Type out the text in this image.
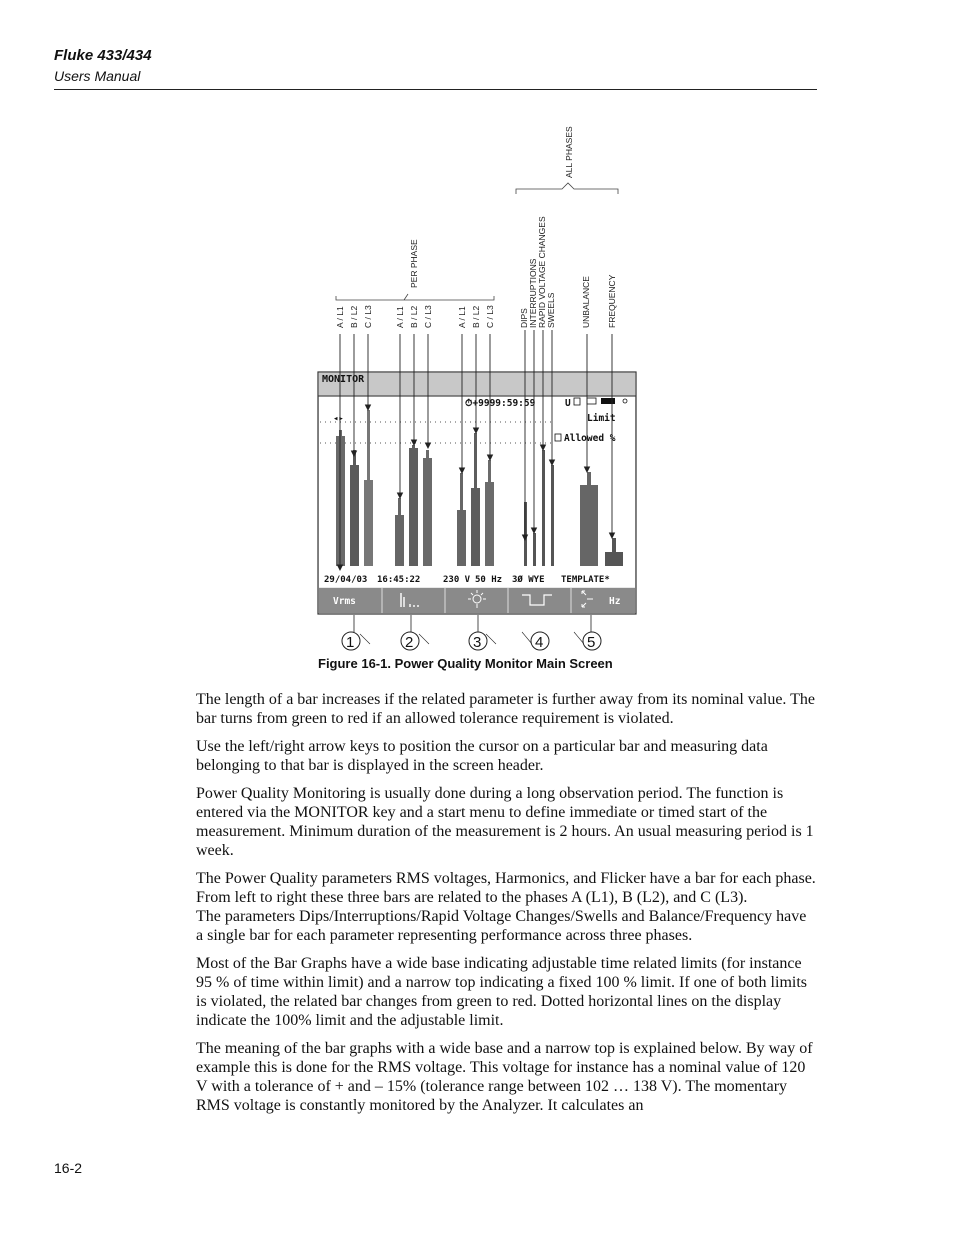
Fluke 433/434
Users Manual
A / L1 B / L2 C / L3	A / L1 B / L2 C / L3	A / L1 B / L2 C / L3
PER PHASE
DIPS INTERRUPTIONS RAPID VOLTAGE CHANGES SWEELS	UNBALANCE FREQUENCY
ALL PHASES
MONITOR
⏱+9999:59:59	U
Limit
Allowed %
◂▸
29/04/03 16:45:22	230 V 50 Hz 3Ø WYE TEMPLATE*
Vrms	Hz
1	2	3	4	5
Figure 16-1. Power Quality Monitor Main Screen

The length of a bar increases if the related parameter is further away from its nominal value. The bar turns from green to red if an allowed tolerance requirement is violated.

Use the left/right arrow keys to position the cursor on a particular bar and measuring data belonging to that bar is displayed in the screen header.

Power Quality Monitoring is usually done during a long observation period. The function is entered via the MONITOR key and a start menu to define immediate or timed start of the measurement. Minimum duration of the measurement is 2 hours. An usual measuring period is 1 week.

The Power Quality parameters RMS voltages, Harmonics, and Flicker have a bar for each phase. From left to right these three bars are related to the phases A (L1), B (L2), and C (L3).

The parameters Dips/Interruptions/Rapid Voltage Changes/Swells and Balance/Frequency have a single bar for each parameter representing performance across three phases.

Most of the Bar Graphs have a wide base indicating adjustable time related limits (for instance 95 % of time within limit) and a narrow top indicating a fixed 100 % limit. If one of both limits is violated, the related bar changes from green to red. Dotted horizontal lines on the display indicate the 100% limit and the adjustable limit.

The meaning of the bar graphs with a wide base and a narrow top is explained below. By way of example this is done for the RMS voltage. This voltage for instance has a nominal value of 120 V with a tolerance of + and – 15% (tolerance range between 102 … 138 V). The momentary RMS voltage is constantly monitored by the Analyzer. It calculates an

16-2
